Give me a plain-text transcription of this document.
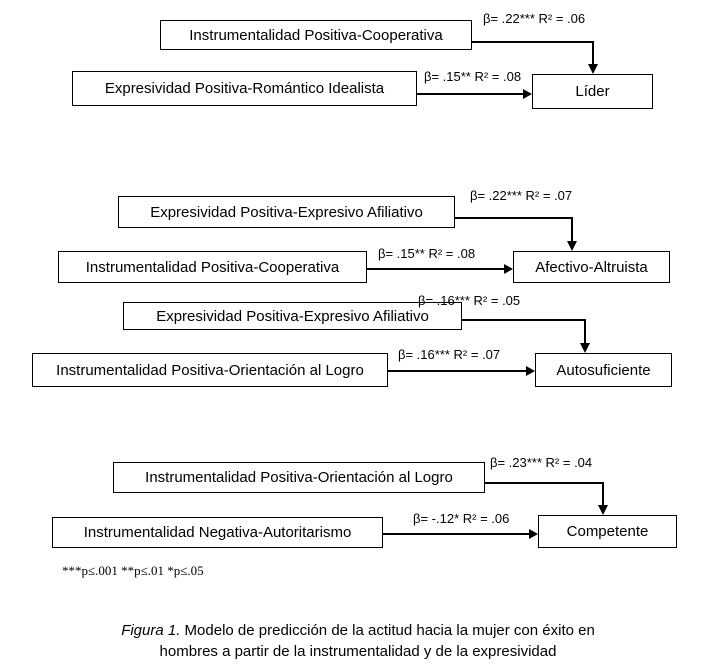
Instrumentalidad Positiva-Cooperativa
β= .22*** R² = .06
Expresividad Positiva-Romántico Idealista
β= .15** R² = .08
Líder
Expresividad Positiva-Expresivo Afiliativo
β= .22*** R² = .07
Instrumentalidad Positiva-Cooperativa
β= .15** R² = .08
Afectivo-Altruista
Expresividad Positiva-Expresivo Afiliativo
β= .16*** R² = .05
Instrumentalidad Positiva-Orientación al Logro
β= .16*** R² = .07
Autosuficiente
Instrumentalidad Positiva-Orientación al Logro
β= .23*** R² = .04
Instrumentalidad Negativa-Autoritarismo
β= -.12* R² = .06
Competente
***p≤.001 **p≤.01 *p≤.05
Figura 1. Modelo de predicción de la actitud hacia la mujer con éxito en
hombres a partir de la instrumentalidad y de la expresividad
